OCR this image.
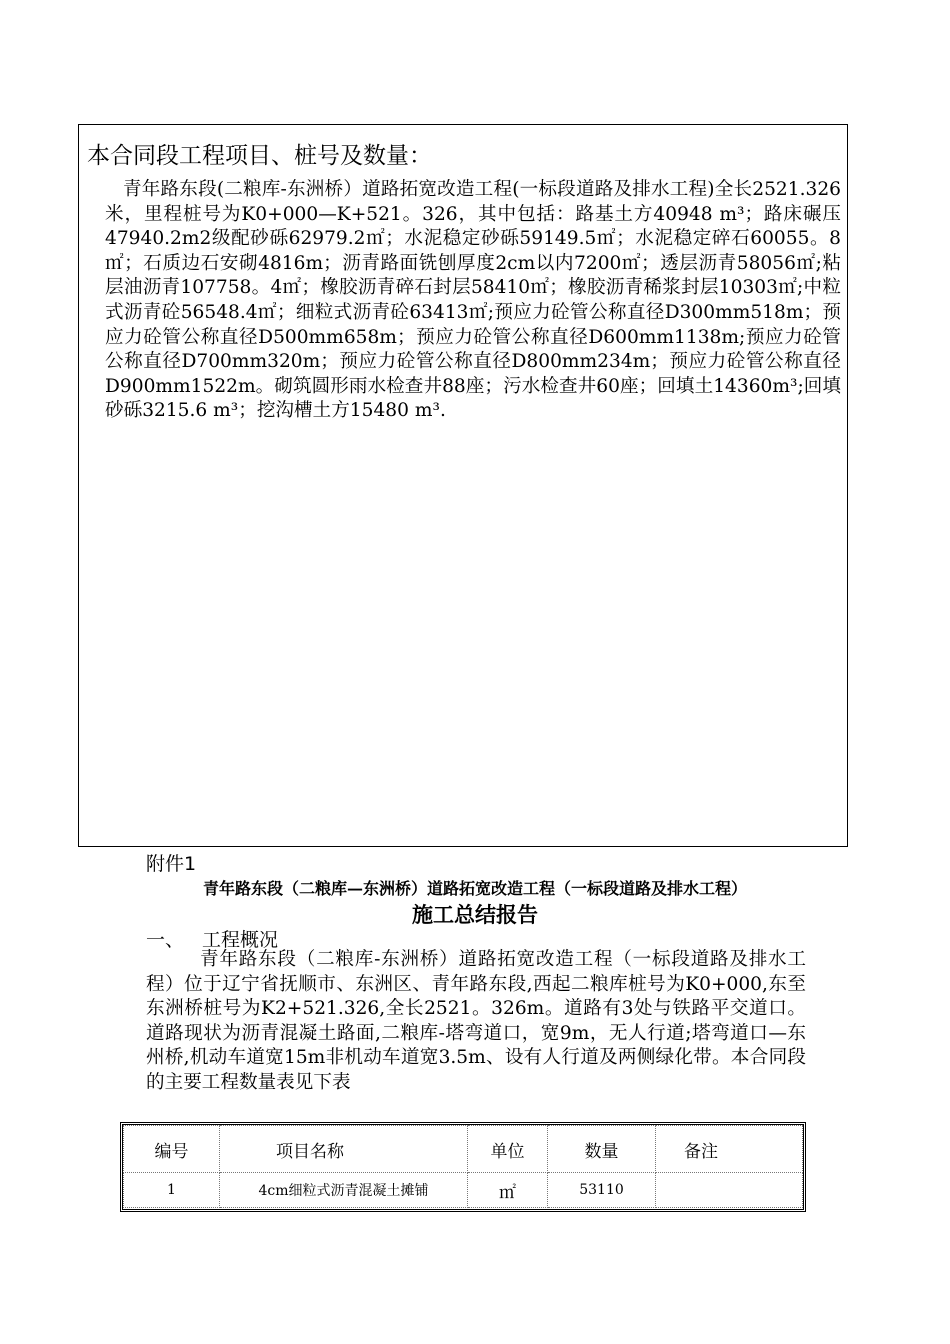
本合同段工程项目、桩号及数量：
青年路东段(二粮库-东洲桥）道路拓宽改造工程(一标段道路及排水工程)全长2521.326米，里程桩号为K0+000—K+521。326，其中包括：路基土方40948 m³；路床碾压47940.2m2级配砂砾62979.2㎡；水泥稳定砂砾59149.5㎡；水泥稳定碎石60055。8㎡；石质边石安砌4816m；沥青路面铣刨厚度2cm以内7200㎡；透层沥青58056㎡;粘层油沥青107758。4㎡；橡胶沥青碎石封层58410㎡；橡胶沥青稀浆封层10303㎡;中粒式沥青砼56548.4㎡；细粒式沥青砼63413㎡;预应力砼管公称直径D300mm518m；预应力砼管公称直径D500mm658m；预应力砼管公称直径D600mm1138m;预应力砼管公称直径D700mm320m；预应力砼管公称直径D800mm234m；预应力砼管公称直径D900mm1522m。砌筑圆形雨水检查井88座；污水检查井60座；回填土14360m³;回填砂砾3215.6 m³；挖沟槽土方15480 m³.
附件1
青年路东段（二粮库—东洲桥）道路拓宽改造工程（一标段道路及排水工程）
施工总结报告
一、 工程概况
青年路东段（二粮库-东洲桥）道路拓宽改造工程（一标段道路及排水工程）位于辽宁省抚顺市、东洲区、青年路东段,西起二粮库桩号为K0+000,东至东洲桥桩号为K2+521.326,全长2521。326m。道路有3处与铁路平交道口。道路现状为沥青混凝土路面,二粮库-塔弯道口，宽9m，无人行道;塔弯道口—东州桥,机动车道宽15m非机动车道宽3.5m、设有人行道及两侧绿化带。本合同段的主要工程数量表见下表
编号	项目名称	单位	数量	备注
1	4cm细粒式沥青混凝土摊铺	㎡	53110	
